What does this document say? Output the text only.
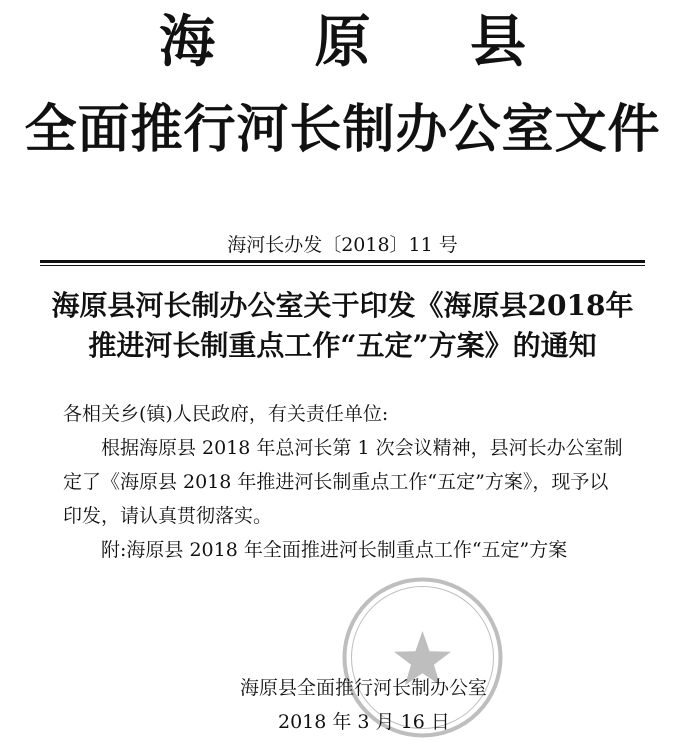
海 原 县
全面推行河长制办公室文件
海河长办发〔2018〕11 号
海原县河长制办公室关于印发《海原县2018年推进河长制重点工作“五定”方案》的通知

各相关乡(镇)人民政府，有关责任单位:

根据海原县 2018 年总河长第 1 次会议精神，县河长办公室制定了《海原县 2018 年推进河长制重点工作“五定”方案》，现予以印发，请认真贯彻落实。

附: 海原县 2018 年全面推进河长制重点工作“五定”方案
海原县全面推行河长制办公室
2018 年 3 月 16 日
